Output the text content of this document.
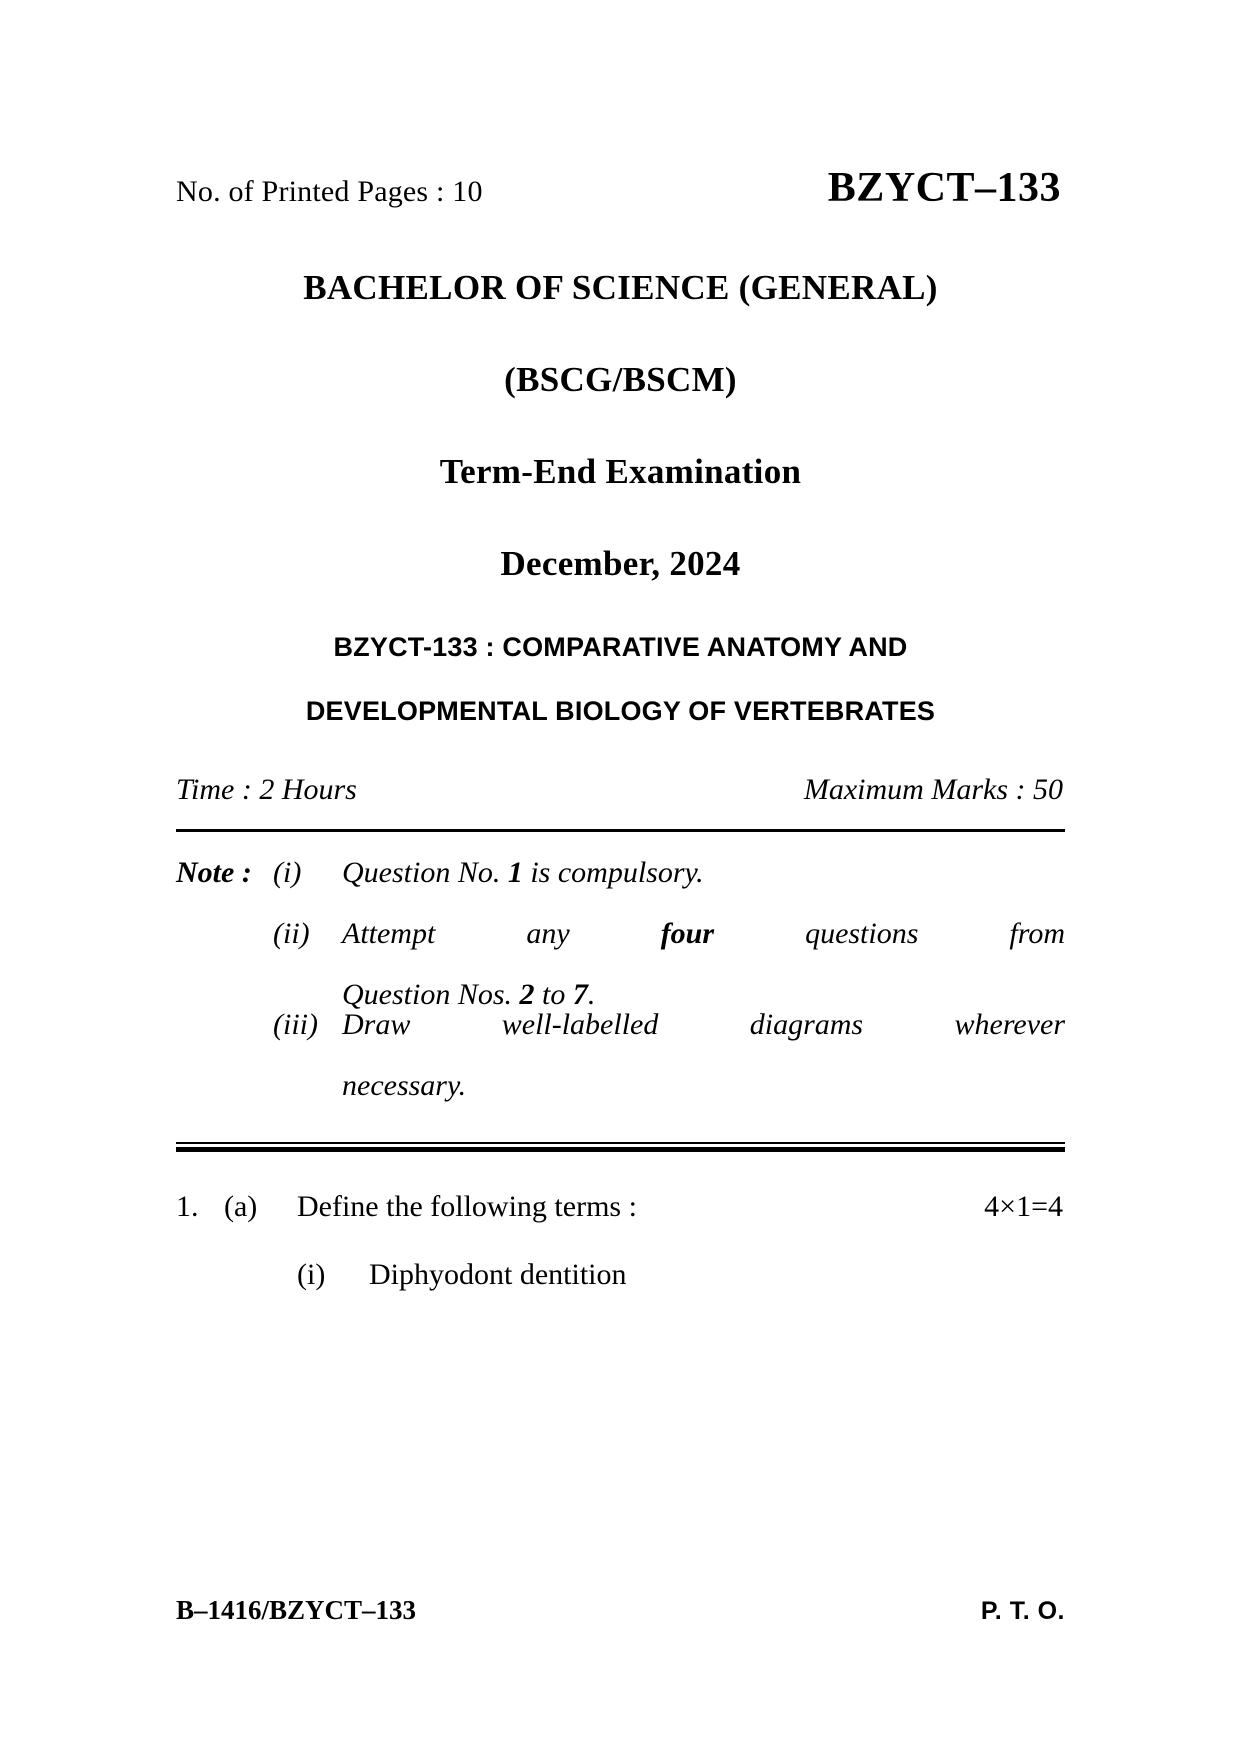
No. of Printed Pages : 10	BZYCT–133
BACHELOR OF SCIENCE (GENERAL)
(BSCG/BSCM)
Term-End Examination
December, 2024
BZYCT-133 : COMPARATIVE ANATOMY AND
DEVELOPMENTAL BIOLOGY OF VERTEBRATES
Time : 2 Hours	Maximum Marks : 50
Note : (i)	Question No. 1 is compulsory.
(ii)	Attempt any four questions from
Question Nos. 2 to 7.
(iii) Draw well-labelled diagrams wherever
necessary.
1. (a)	Define the following terms :	4×1=4
(i)	Diphyodont dentition
B–1416/BZYCT–133	P. T. O.
